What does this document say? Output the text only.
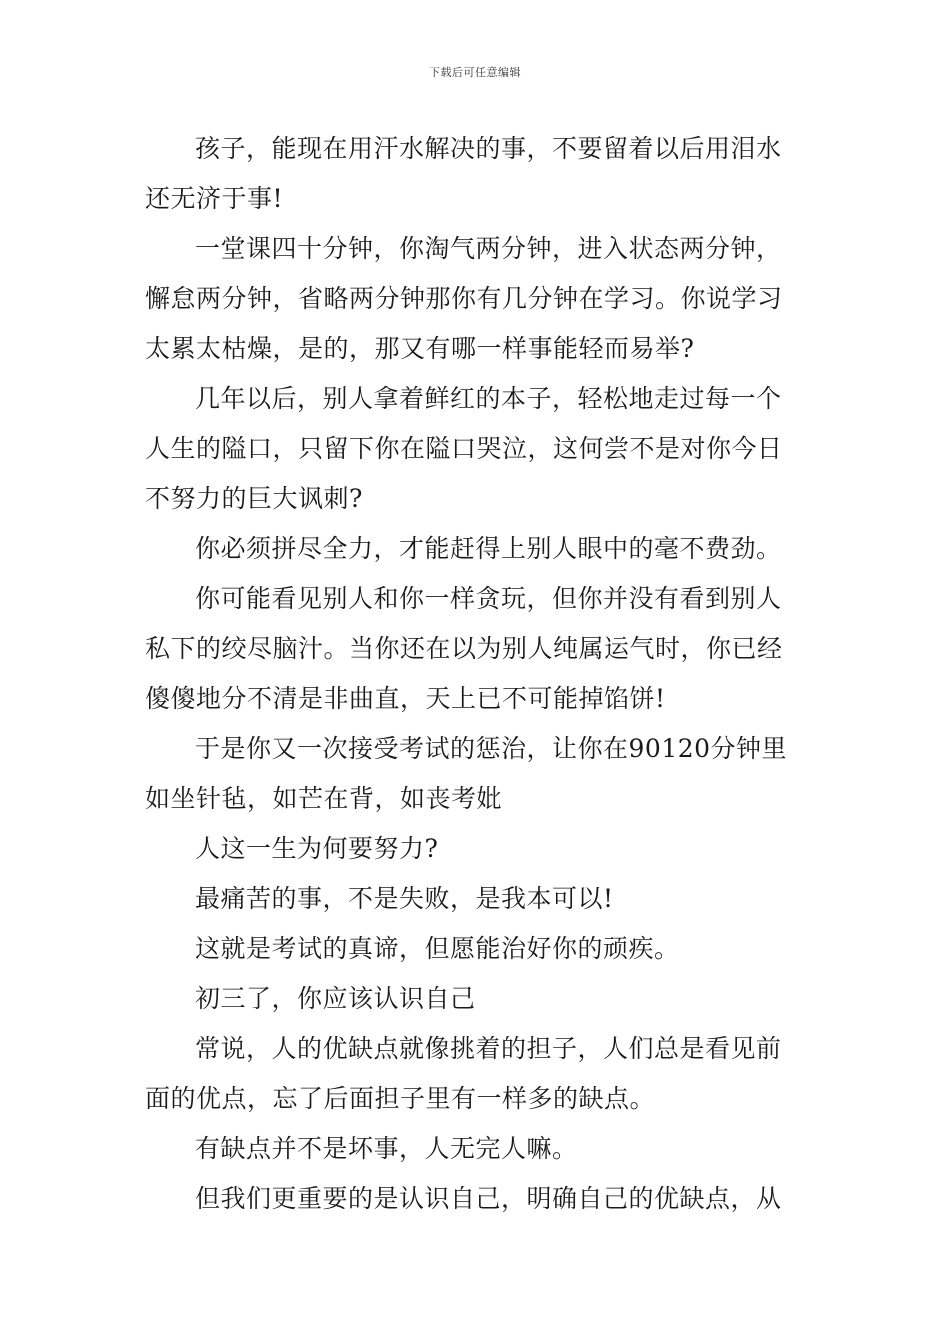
下载后可任意编辑

孩子，能现在用汗水解决的事，不要留着以后用泪水还无济于事!

一堂课四十分钟，你淘气两分钟，进入状态两分钟，懈怠两分钟，省略两分钟那你有几分钟在学习。你说学习太累太枯燥，是的，那又有哪一样事能轻而易举?

几年以后，别人拿着鲜红的本子，轻松地走过每一个人生的隘口，只留下你在隘口哭泣，这何尝不是对你今日不努力的巨大讽刺?

你必须拼尽全力，才能赶得上别人眼中的毫不费劲。

你可能看见别人和你一样贪玩，但你并没有看到别人私下的绞尽脑汁。当你还在以为别人纯属运气时，你已经傻傻地分不清是非曲直，天上已不可能掉馅饼!

于是你又一次接受考试的惩治，让你在90120分钟里如坐针毡，如芒在背，如丧考妣

人这一生为何要努力?

最痛苦的事，不是失败，是我本可以!

这就是考试的真谛，但愿能治好你的顽疾。

初三了，你应该认识自己

常说，人的优缺点就像挑着的担子，人们总是看见前面的优点，忘了后面担子里有一样多的缺点。

有缺点并不是坏事，人无完人嘛。

但我们更重要的是认识自己，明确自己的优缺点，从
